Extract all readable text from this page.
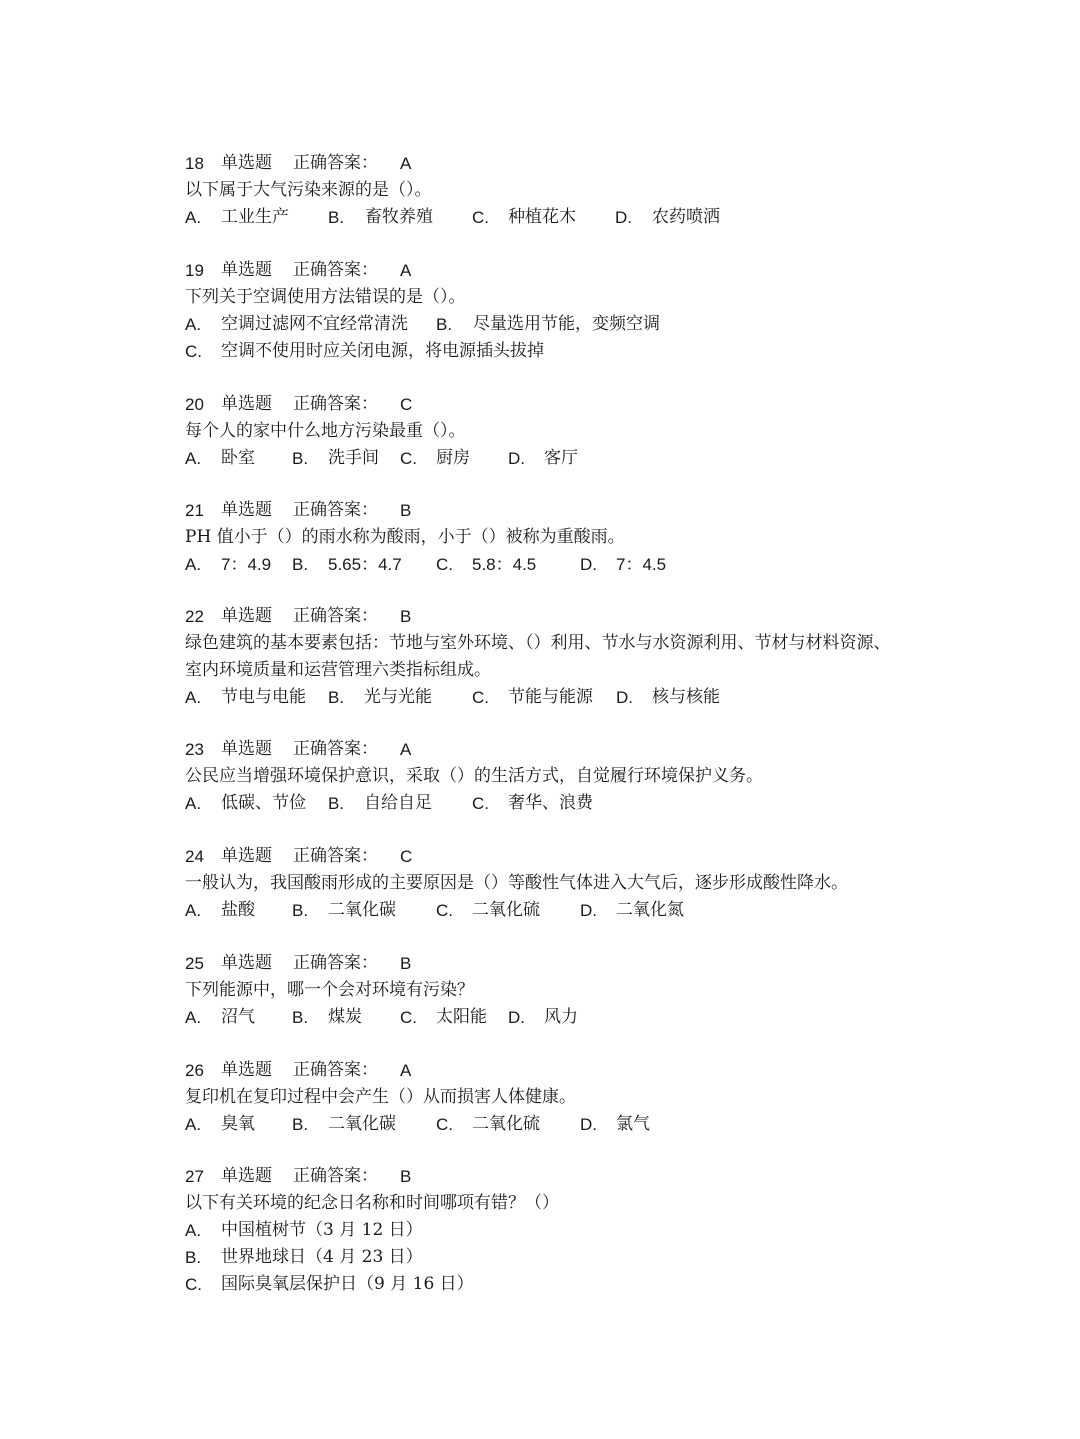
18 单选题 正确答案： A
以下属于大气污染来源的是（）。
A. 工业生产 B. 畜牧养殖 C. 种植花木 D. 农药喷洒
19 单选题 正确答案： A
下列关于空调使用方法错误的是（）。
A. 空调过滤网不宜经常清洗 B. 尽量选用节能，变频空调
C. 空调不使用时应关闭电源，将电源插头拔掉
20 单选题 正确答案： C
每个人的家中什么地方污染最重（）。
A. 卧室 B. 洗手间 C. 厨房 D. 客厅
21 单选题 正确答案： B
PH 值小于（）的雨水称为酸雨，小于（）被称为重酸雨。
A. 7：4.9 B. 5.65：4.7 C. 5.8：4.5	D. 7：4.5
22 单选题 正确答案： B
绿色建筑的基本要素包括：节地与室外环境、（）利用、节水与水资源利用、节材与材料资源、室内环境质量和运营管理六类指标组成。
A. 节电与电能 B. 光与光能 C. 节能与能源 D. 核与核能
23 单选题 正确答案： A
公民应当增强环境保护意识，采取（）的生活方式，自觉履行环境保护义务。
A. 低碳、节俭 B. 自给自足 C. 奢华、浪费
24 单选题 正确答案： C
一般认为，我国酸雨形成的主要原因是（）等酸性气体进入大气后，逐步形成酸性降水。
A. 盐酸 B. 二氧化碳 C. 二氧化硫 D. 二氧化氮
25 单选题 正确答案： B
下列能源中，哪一个会对环境有污染？
A. 沼气 B. 煤炭 C. 太阳能 D. 风力
26 单选题 正确答案： A
复印机在复印过程中会产生（）从而损害人体健康。
A. 臭氧 B. 二氧化碳 C. 二氧化硫 D. 氯气
27 单选题 正确答案： B
以下有关环境的纪念日名称和时间哪项有错？（）
A. 中国植树节（3 月 12 日）
B. 世界地球日（4 月 23 日）
C. 国际臭氧层保护日（9 月 16 日）
